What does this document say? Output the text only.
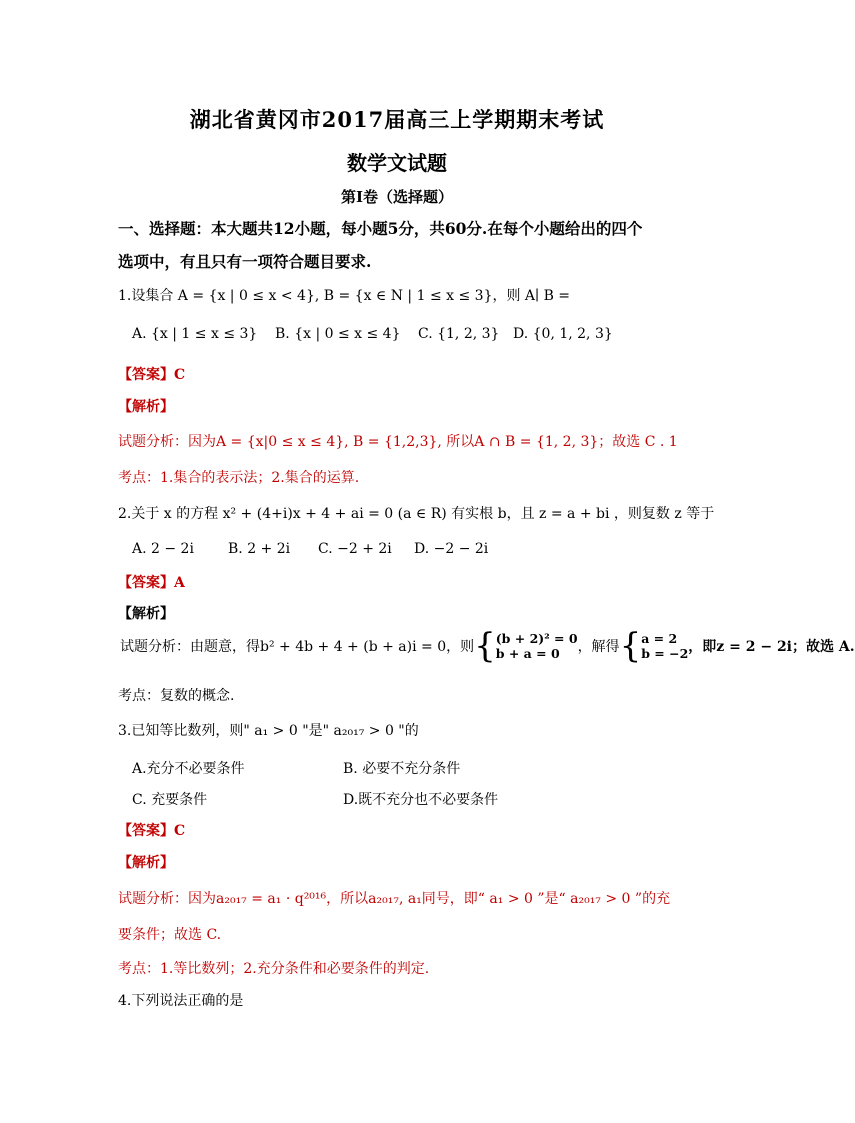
湖北省黄冈市2017届高三上学期期末考试
数学文试题
第Ⅰ卷（选择题）
一、选择题：本大题共12小题，每小题5分，共60分.在每个小题给出的四个
选项中，有且只有一项符合题目要求.
1.设集合 A = {x | 0 ≤ x < 4}, B = {x ∈ N | 1 ≤ x ≤ 3}，则 A∣ B =
A. {x | 1 ≤ x ≤ 3} B. {x | 0 ≤ x ≤ 4} C. {1, 2, 3} D. {0, 1, 2, 3}
【答案】C
【解析】
试题分析：因为A = {x|0 ≤ x ≤ 4}, B = {1,2,3}, 所以A ∩ B = {1, 2, 3}；故选 C . 1
考点：1.集合的表示法；2.集合的运算.
2.关于 x 的方程 x² + (4+i)x + 4 + ai = 0 (a ∈ R) 有实根 b，且 z = a + bi ，则复数 z 等于
A. 2 − 2i B. 2 + 2i C. −2 + 2i D. −2 − 2i
【答案】A
【解析】
试题分析：由题意，得b² + 4b + 4 + (b + a)i = 0，则 { (b + 2)² = 0
b + a = 0	，解得 { a = 2
b = −2 ，即z = 2 − 2i；故选 A.
考点：复数的概念.
3.已知等比数列，则" a₁ > 0 "是" a₂₀₁₇ > 0 "的
A.充分不必要条件	B. 必要不充分条件
C. 充要条件	D.既不充分也不必要条件
【答案】C
【解析】
试题分析：因为a₂₀₁₇ = a₁ · q²⁰¹⁶，所以a₂₀₁₇, a₁同号，即“ a₁ > 0 ”是“ a₂₀₁₇ > 0 ”的充
要条件；故选 C.
考点：1.等比数列；2.充分条件和必要条件的判定.
4.下列说法正确的是
